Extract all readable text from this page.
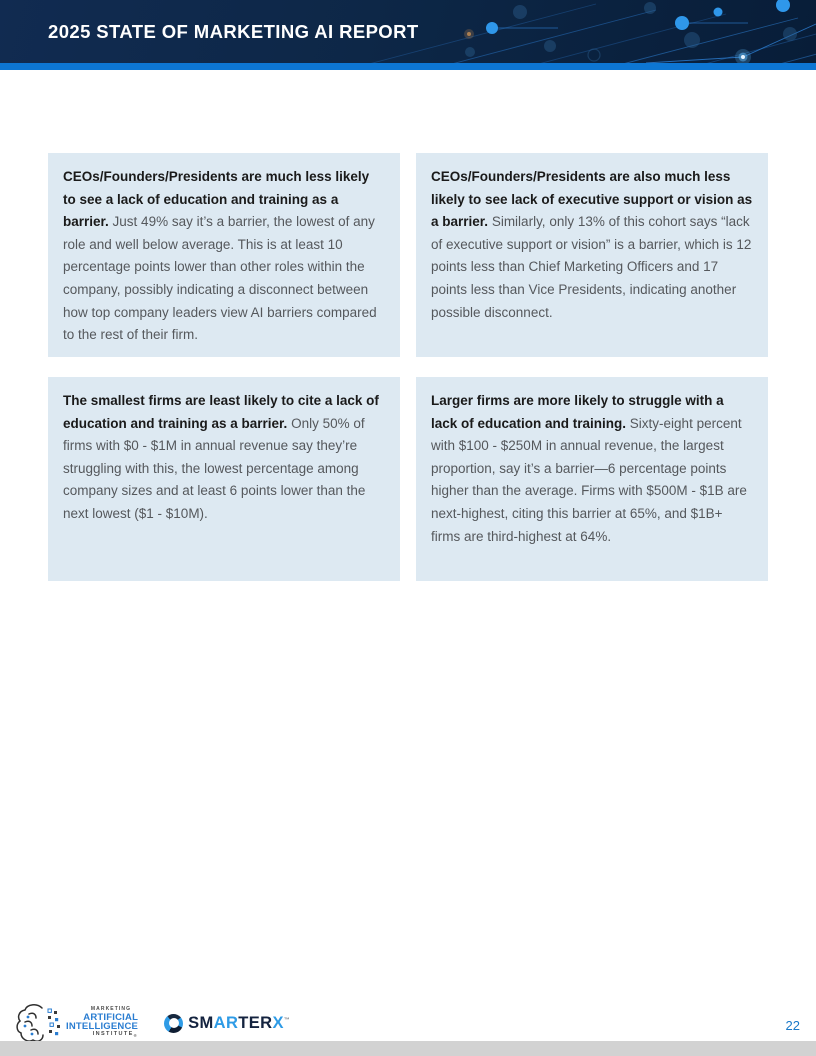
2025 STATE OF MARKETING AI REPORT

CEOs/Founders/Presidents are much less likely to see a lack of education and training as a barrier. Just 49% say it’s a barrier, the lowest of any role and well below average. This is at least 10 percentage points lower than other roles within the company, possibly indicating a disconnect between how top company leaders view AI barriers compared to the rest of their firm.

CEOs/Founders/Presidents are also much less likely to see lack of executive support or vision as a barrier. Similarly, only 13% of this cohort says “lack of executive support or vision” is a barrier, which is 12 points less than Chief Marketing Officers and 17 points less than Vice Presidents, indicating another possible disconnect.

The smallest firms are least likely to cite a lack of education and training as a barrier. Only 50% of firms with $0 - $1M in annual revenue say they’re struggling with this, the lowest percentage among company sizes and at least 6 points lower than the next lowest ($1 - $10M).

Larger firms are more likely to struggle with a lack of education and training. Sixty-eight percent with $100 - $250M in annual revenue, the largest proportion, say it’s a barrier—6 percentage points higher than the average. Firms with $500M - $1B are next-highest, citing this barrier at 65%, and $1B+ firms are third-highest at 64%.

MARKETING
ARTIFICIAL
INTELLIGENCE
$INSTITUTE_®$
SMARTERX™	22
